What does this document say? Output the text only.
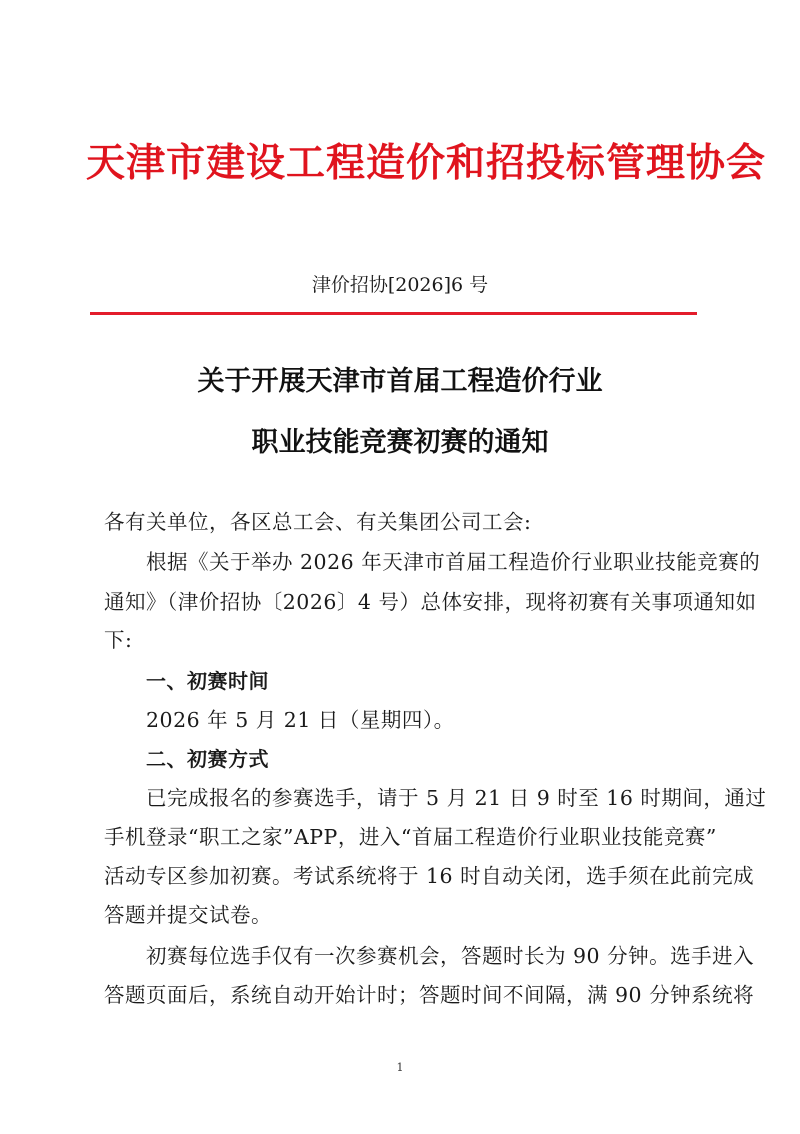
天津市建设工程造价和招投标管理协会
津价招协[2026]6 号
关于开展天津市首届工程造价行业
职业技能竞赛初赛的通知
各有关单位，各区总工会、有关集团公司工会:
根据《关于举办 2026 年天津市首届工程造价行业职业技能竞赛的
通知》（津价招协〔2026〕4 号）总体安排，现将初赛有关事项通知如
下:
一、初赛时间
2026 年 5 月 21 日（星期四）。
二、初赛方式
已完成报名的参赛选手，请于 5 月 21 日 9 时至 16 时期间，通过
手机登录“职工之家”APP，进入“首届工程造价行业职业技能竞赛”
活动专区参加初赛。考试系统将于 16 时自动关闭，选手须在此前完成
答题并提交试卷。
初赛每位选手仅有一次参赛机会，答题时长为 90 分钟。选手进入
答题页面后，系统自动开始计时；答题时间不间隔，满 90 分钟系统将
1
